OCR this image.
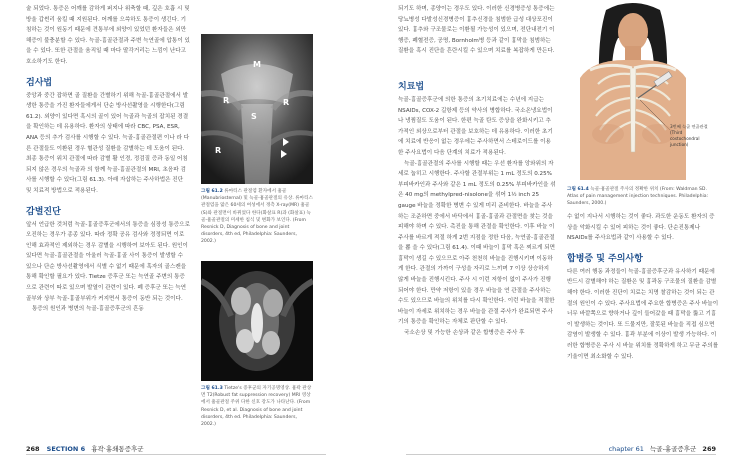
술 되었다. 통증은 어깨를 감하게 퍼지나 위축할 때, 깊은 호흡 시 및 방울 갑썬리 움킬 때 지원된다. 어깨를 으쓱하도 통증이 생긴다. 기침하는 것이 원동기 때문에 견통부에 외양이 있었던 환자들은 외만해증이 불충분할 수 있다. 늑골-흉골관절과 주변 늑연골에 압통이 있을 수 있다. 또한 관절을 움직일 때 마다 딸각거리는 느낌이 난다고 호소하기도 한다.

검사법

중앙과 중간 잡하면 골 질환을 간별하기 위해 늑골-흉골관절에서 발생한 통증을 가진 환자들에게서 단순 방사선촬영을 시행한다(그림 61.2). 외양이 있다면 혹시의 골이 있어 늑골과 늑골의 잡치된 경결을 확인하는 데 유용하다. 환자의 상태에 따라 CBC, PSA, ESR, ANA 등의 추가 검사를 시행할 수 있다. 늑골-흉골관절편 이나 라 다른 관절들도 이환된 경우 혈관성 질환을 감별하는 데 도움이 된다. 최종 통증이 위치 관절에 따라 감별 활 인경, 정검질 증과 동일 어침되지 않은 경우의 늑골과 의 함께 늑골-흉골관절의 MRI, 초음파 검사를 시행할 수 있다(그림 61.3). 아래 자삽하는 주사하법은 진단 및 치료적 방법으로 적용된다.

감별진단

앞서 언급한 것처럼 늑골-흉골증후군에서의 통증을 심장성 통증으로 오진하는 경우가 종종 있다. 따라 정확 공유 검사와 정정되면 이로 인해 효과적인 제외하는 경우 감별을 시행하여 보아도 된다. 원인이 있다면 늑골-흉골관절을 아울러 늑골-흉골 사이 통증이 발생할 수 있으나 단순 방사선촬영에서 식별 수 없기 때문에 혹자의 골스캔을 통해 확인할 필요가 있다. Tietze 증후군 또는 늑연골 주변의 통증으로 관련이 따로 있으며 발열이 관련이 있다. 폐 증후군 또는 늑연골부와 상부 늑골-흉골부위가 커지면서 통증이 동반 되는 것이다.

통증의 원인과 병변의 늑골-흉골증후군의 흔동

M
S
R	R
R
그림 61.2 류마티스 관절염 환자에서 흉골(Manubriosternal) 및 늑골-흉골관절의 유상. 류마티스 관절염을 앓은 60세의 여성에서 정측 X-ray(MR) 흉골(S)와 관절면이 바뀌었다 한다(화살표 R)과 (화살표) 늑골-흉골관절의 미세한 침식 및 변화가 보인다. (From Resnick D, Diagnosis of bone and joint disorders, 4th ed, Philadelphia: Saunders, 2002.)
그림 61.3 Tietze's 증후군의 자기공명영상. 흉곽 관상면 T2(Robust fat suppression recovery) MRI 영상에서 흉골관절 주위 다한 신호 강도가 나타난다. (From Resnick D, et al. Diagnosis of bone and joint disorders, 4th ed. Philadelphia: Saunders, 2002.)
268 SECTION 6 흉곽·흉쇄통증후군

되기도 하며, 종양이는 경우도 있다. 이러한 신경병증성 통증에는 당뇨병성 다발성신경병증이 흉추신경을 침범한 급성 대상포진이 있다. 흉추와 구조물로는 이환될 가능성이 있으며, 전단내전기 이행증, 폐혈전증, 공명, Bornholm병 등과 같이 흉막을 침범하는 질환을 혹시 진단을 흔란시킬 수 있으며 치료를 복잡하게 만든다.

치료법

늑골-흉골증후군에 의한 통증의 초기치료에는 수년에 지급는 NSAIDs, COX-2 길항제 등의 약사의 병합하다. 국소온냉요법이나 냉찜질도 도움이 된다. 한편 늑골 탄도 증상을 완화시키고 추가적인 외상으로부터 관절을 보호하는 데 유용하다. 이러한 초기에 치료에 반응이 없는 경우에는 주사하면서 스테로이드를 이용한 주사요법이 다음 단계의 치료가 적용된다.

늑골-흉골관절의 주사를 시행할 때는 우선 환자를 앙와위의 자세로 눕히고 시행한다. 주사할 관절부위는 1 mL 정도의 0.25% 부피바카인과 주사와 같은 1 mL 정도의 0.25% 부피바카인을 섞은 40 mg의 methylpred-nisolone을 섞어 1½ inch 25 gauge 바늘을 정확한 병변 수 있게 미리 준비한다. 바늘을 주사하는 조준하면 중에서 바닥에서 흉골-흉골과 관절면을 찾는 것을 피해야 하며 수 있다. 촉진을 통해 관절을 확인한다. 이후 바늘 이 주사를 바르게 적절 하게 2번 지점을 정한 다음, 늑연골-흉골관절을 뽑 을 수 있다(그림 61.4). 이때 바늘이 흉막 혹은 찌르게 되면 흉막이 생길 수 있으므로 아주 천천히 바늘을 진행시키며 이동하게 한다. 관절의 가까이 구성을 자리로 느끼며 7 이상 상승하지 않게 바늘을 진행시킨다. 주사 시 이런 저항이 없이 주사가 진행되어야 한다. 만약 저항이 있을 경우 바늘을 연 관절을 주사하는 수도 있으므로 바늘의 위치를 다시 확인한다. 이런 바늘을 적절한 바늘이 자세로 위치하는 경우 바늘을 관절 주사가 완료되면 주사기의 통증을 확인하는 자체로 판단할 수 있다.

국소손상 및 가능한 손상과 같은 합병증은 주사 후

3번째 늑골 연골관절 (Third costochondral junction)
그림 61.4 늑골-흉골관절 주사의 정확한 위치 (From: Waldman SD. Atlas of pain management injection techniques. Philadelphia: Saunders, 2000.)

수 없이 지나서 시행하는 것이 좋다. 과도한 운동도 환자의 증상을 악화시킬 수 있어 피하는 것이 좋다. 단순진통제나 NSAIDs를 주사요법과 같이 사용할 수 있다.

합병증 및 주의사항

다른 여러 행동 과정들이 늑골-흉골증후군과 유사하기 때문에 반드시 감별해야 하는 질환은 및 흉곽동 구조물의 질환을 감별해야 한다. 이러한 진단이 치료는 치명 찰감하는 것이 되는 관절의 원인이 수 있다. 주사요법에 주요한 합병증은 주사 바늘이 너무 바깥쪽으로 향하거나 깊이 들어갔을 때 흉막을 뚫고 기흉이 발생하는 것이다. 또 드물지만, 잘못된 바늘을 직접 심으면 감염이 발생할 수 있다. 흉곽 부분에 이상이 발생 가능하다. 이러한 합병증은 주사 시 바늘 위치를 정확하게 하고 무균 주의를 기울이면 최소화할 수 있다.

chapter 61 늑골-흉골증후군 269
